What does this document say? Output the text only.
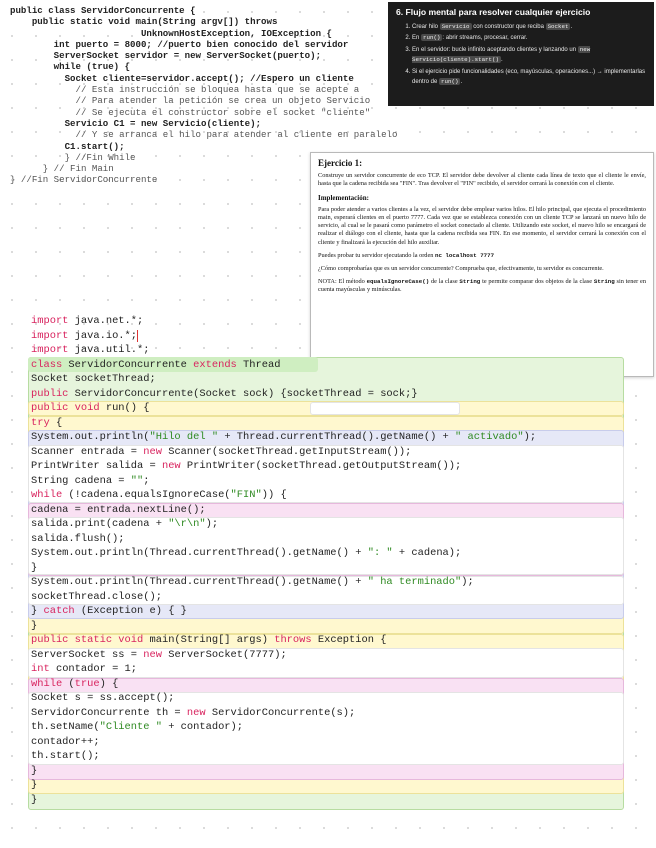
public class ServidorConcurrente {
public static void main(String argv[]) throws
UnknownHostException, IOException {
int puerto = 8000; //puerto bien conocido del servidor
ServerSocket servidor = new ServerSocket(puerto);
while (true) {
Socket cliente=servidor.accept(); //Espero un cliente
// Esta instrucción se bloquea hasta que se acepte a
// Para atender la petición se crea un objeto Servicio
// Se ejecuta el constructor sobre el socket "cliente"
Servicio C1 = new Servicio(cliente);
// Y se arranca el hilo para atender al cliente en paralelo
C1.start();
} //Fin While
} // Fin Main
} //Fin ServidorConcurrente
6. Flujo mental para resolver cualquier ejercicio
1. Crear hilo Servicio con constructor que reciba Socket .
2. En run() : abrir streams, procesar, cerrar.
3. En el servidor: bucle infinito aceptando clientes y lanzando un new Servicio(cliente).start() .
4. Si el ejercicio pide funcionalidades (eco, mayúsculas, operaciones...) → implementarlas dentro de run() .
Ejercicio 1:

Construye un servidor concurrente de eco TCP. El servidor debe devolver al cliente cada línea de texto que el cliente le envíe, hasta que la cadena recibida sea "FIN". Tras devolver el "FIN" recibido, el servidor cerrará la conexión con el cliente.

Implementación:

Para poder atender a varios clientes a la vez, el servidor debe emplear varios hilos. El hilo principal, que ejecuta el procedimiento main, esperará clientes en el puerto 7777. Cada vez que se establezca conexión con un cliente TCP se lanzará un nuevo hilo de servicio, al cual se le pasará como parámetro el socket conectado al cliente. Utilizando este socket, el nuevo hilo se encargará de realizar el diálogo con el cliente, hasta que la cadena recibida sea FIN. En ese momento, el servidor cerrará la conexión con el cliente y finalizará la ejecución del hilo auxiliar.

Puedes probar tu servidor ejecutando la orden nc localhost 7777

¿Cómo comprobarías que es un servidor concurrente? Comprueba que, efectivamente, tu servidor es concurrente.

NOTA: El método equalsIgnoreCase() de la clase String te permite comparar dos objetos de la clase String sin tener en cuenta mayúsculas y minúsculas.

import java.net.*;
import java.io.*;
import java.util.*;
class ServidorConcurrente extends Thread
Socket socketThread;
public ServidorConcurrente(Socket sock) {socketThread = sock;}
public void run() {
try {
System.out.println("Hilo del " + Thread.currentThread().getName() + " activado");
Scanner entrada = new Scanner(socketThread.getInputStream());
PrintWriter salida = new PrintWriter(socketThread.getOutputStream());
String cadena = "";
while (!cadena.equalsIgnoreCase("FIN")) {
cadena = entrada.nextLine();
salida.print(cadena + "\r\n");
salida.flush();
System.out.println(Thread.currentThread().getName() + ": " + cadena);
}
System.out.println(Thread.currentThread().getName() + " ha terminado");
socketThread.close();
} catch (Exception e) { }
}
public static void main(String[] args) throws Exception {
ServerSocket ss = new ServerSocket(7777);
int contador = 1;
while (true) {
Socket s = ss.accept();
ServidorConcurrente th = new ServidorConcurrente(s);
th.setName("Cliente " + contador);
contador++;
th.start();
}
}
}
